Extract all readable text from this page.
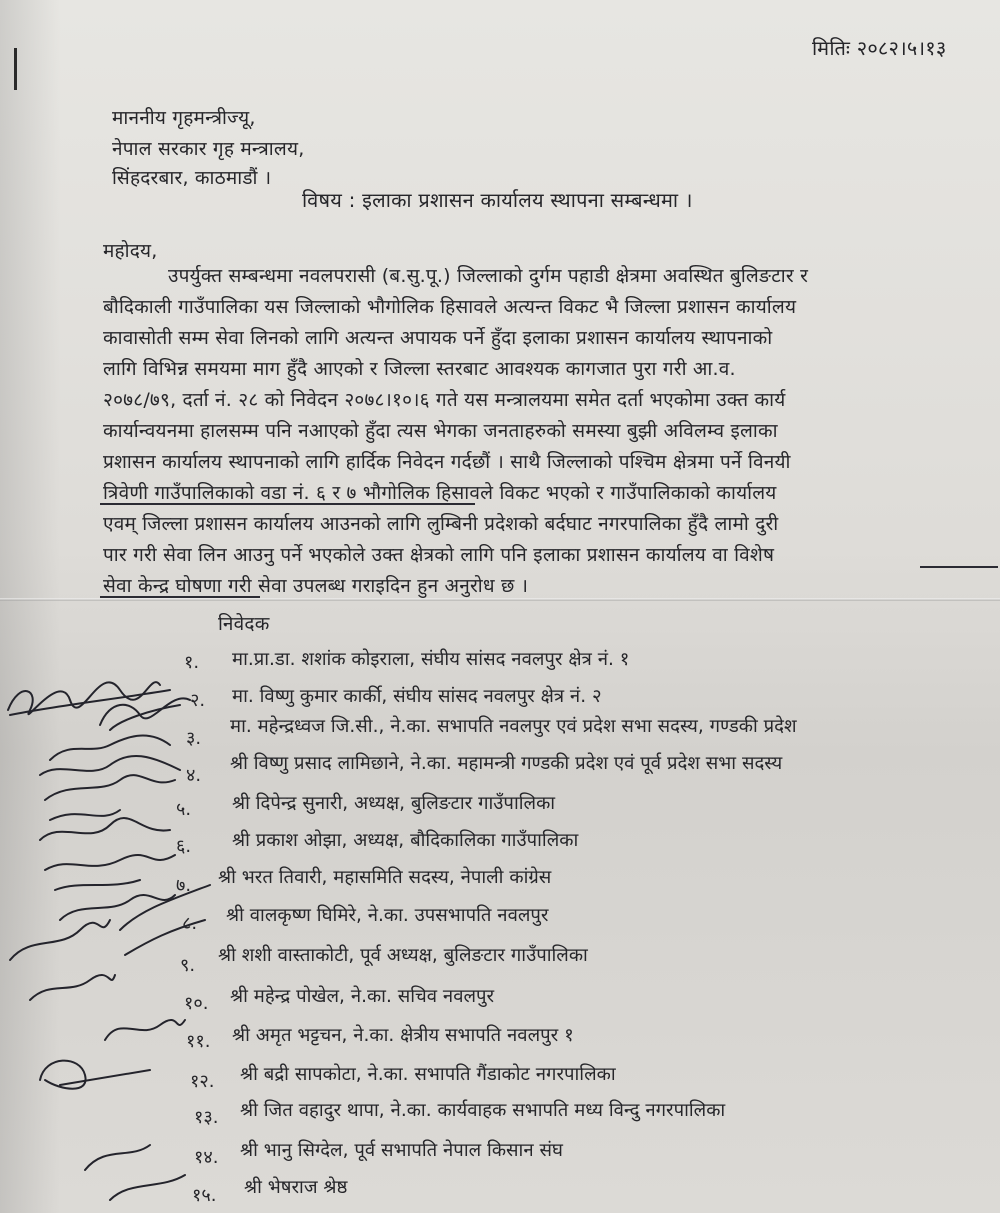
मितिः २०८२।५।१३
माननीय गृहमन्त्रीज्यू,
नेपाल सरकार गृह मन्त्रालय,
सिंहदरबार, काठमाडौं ।
विषय : इलाका प्रशासन कार्यालय स्थापना सम्बन्धमा ।
महोदय,
उपर्युक्त सम्बन्धमा नवलपरासी (ब.सु.पू.) जिल्लाको दुर्गम पहाडी क्षेत्रमा अवस्थित बुलिङटार र
बौदिकाली गाउँपालिका यस जिल्लाको भौगोलिक हिसावले अत्यन्त विकट भै जिल्ला प्रशासन कार्यालय
कावासोती सम्म सेवा लिनको लागि अत्यन्त अपायक पर्ने हुँदा इलाका प्रशासन कार्यालय स्थापनाको
लागि विभिन्न समयमा माग हुँदै आएको र जिल्ला स्तरबाट आवश्यक कागजात पुरा गरी आ.व.
२०७८/७९, दर्ता नं. २८ को निवेदन २०७८।१०।६ गते यस मन्त्रालयमा समेत दर्ता भएकोमा उक्त कार्य
कार्यान्वयनमा हालसम्म पनि नआएको हुँदा त्यस भेगका जनताहरुको समस्या बुझी अविलम्व इलाका
प्रशासन कार्यालय स्थापनाको लागि हार्दिक निवेदन गर्दछौं । साथै जिल्लाको पश्चिम क्षेत्रमा पर्ने विनयी
त्रिवेणी गाउँपालिकाको वडा नं. ६ र ७ भौगोलिक हिसावले विकट भएको र गाउँपालिकाको कार्यालय
एवम् जिल्ला प्रशासन कार्यालय आउनको लागि लुम्बिनी प्रदेशको बर्दघाट नगरपालिका हुँदै लामो दुरी
पार गरी सेवा लिन आउनु पर्ने भएकोले उक्त क्षेत्रको लागि पनि इलाका प्रशासन कार्यालय वा विशेष
सेवा केन्द्र घोषणा गरी सेवा उपलब्ध गराइदिन हुन अनुरोध छ ।
निवेदक
१. मा.प्रा.डा. शशांक कोइराला, संघीय सांसद नवलपुर क्षेत्र नं. १
२. मा. विष्णु कुमार कार्की, संघीय सांसद नवलपुर क्षेत्र नं. २
३.
मा. महेन्द्रध्वज जि.सी., ने.का. सभापति नवलपुर एवं प्रदेश सभा सदस्य, गण्डकी प्रदेश
४.
श्री विष्णु प्रसाद लामिछाने, ने.का. महामन्त्री गण्डकी प्रदेश एवं पूर्व प्रदेश सभा सदस्य
५. श्री दिपेन्द्र सुनारी, अध्यक्ष, बुलिङटार गाउँपालिका
६. श्री प्रकाश ओझा, अध्यक्ष, बौदिकालिका गाउँपालिका
७. श्री भरत तिवारी, महासमिति सदस्य, नेपाली कांग्रेस
८. श्री वालकृष्ण घिमिरे, ने.का. उपसभापति नवलपुर
९. श्री शशी वास्ताकोटी, पूर्व अध्यक्ष, बुलिङटार गाउँपालिका
१०. श्री महेन्द्र पोखेल, ने.का. सचिव नवलपुर
११. श्री अमृत भट्टचन, ने.का. क्षेत्रीय सभापति नवलपुर १
१२. श्री बद्री सापकोटा, ने.का. सभापति गैंडाकोट नगरपालिका
१३. श्री जित वहादुर थापा, ने.का. कार्यवाहक सभापति मध्य विन्दु नगरपालिका
१४. श्री भानु सिग्देल, पूर्व सभापति नेपाल किसान संघ
१५. श्री भेषराज श्रेष्ठ
